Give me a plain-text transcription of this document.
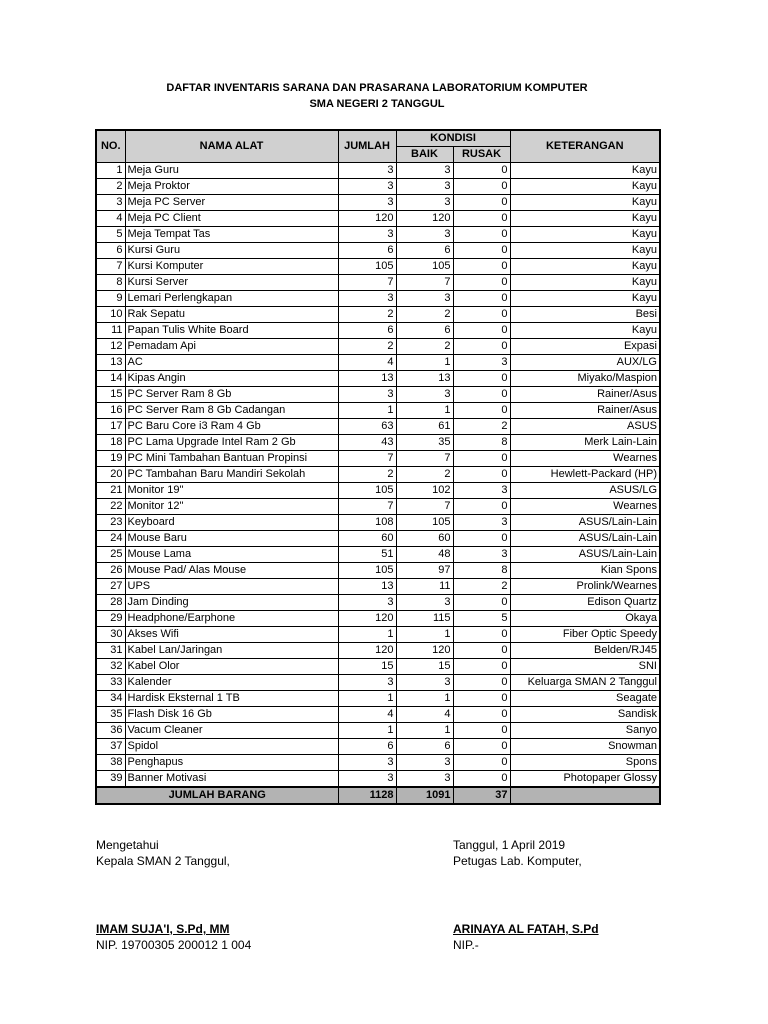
DAFTAR INVENTARIS SARANA DAN PRASARANA LABORATORIUM KOMPUTER
SMA NEGERI 2 TANGGUL
NO.	NAMA ALAT	JUMLAH	KONDISI		KETERANGAN
			BAIK	RUSAK	
1	Meja Guru	3	3	0	Kayu
2	Meja Proktor	3	3	0	Kayu
3	Meja PC Server	3	3	0	Kayu
4	Meja PC Client	120	120	0	Kayu
5	Meja Tempat Tas	3	3	0	Kayu
6	Kursi Guru	6	6	0	Kayu
7	Kursi Komputer	105	105	0	Kayu
8	Kursi Server	7	7	0	Kayu
9	Lemari Perlengkapan	3	3	0	Kayu
10	Rak Sepatu	2	2	0	Besi
11	Papan Tulis White Board	6	6	0	Kayu
12	Pemadam Api	2	2	0	Expasi
13	AC	4	1	3	AUX/LG
14	Kipas Angin	13	13	0	Miyako/Maspion
15	PC Server Ram 8 Gb	3	3	0	Rainer/Asus
16	PC Server Ram 8 Gb Cadangan	1	1	0	Rainer/Asus
17	PC Baru Core i3 Ram 4 Gb	63	61	2	ASUS
18	PC Lama Upgrade Intel Ram 2 Gb	43	35	8	Merk Lain-Lain
19	PC Mini Tambahan Bantuan Propinsi	7	7	0	Wearnes
20	PC Tambahan Baru Mandiri Sekolah	2	2	0	Hewlett-Packard (HP)
21	Monitor 19"	105	102	3	ASUS/LG
22	Monitor 12"	7	7	0	Wearnes
23	Keyboard	108	105	3	ASUS/Lain-Lain
24	Mouse Baru	60	60	0	ASUS/Lain-Lain
25	Mouse Lama	51	48	3	ASUS/Lain-Lain
26	Mouse Pad/ Alas Mouse	105	97	8	Kian Spons
27	UPS	13	11	2	Prolink/Wearnes
28	Jam Dinding	3	3	0	Edison Quartz
29	Headphone/Earphone	120	115	5	Okaya
30	Akses Wifi	1	1	0	Fiber Optic Speedy
31	Kabel Lan/Jaringan	120	120	0	Belden/RJ45
32	Kabel Olor	15	15	0	SNI
33	Kalender	3	3	0	Keluarga SMAN 2 Tanggul
34	Hardisk Eksternal 1 TB	1	1	0	Seagate
35	Flash Disk 16 Gb	4	4	0	Sandisk
36	Vacum Cleaner	1	1	0	Sanyo
37	Spidol	6	6	0	Snowman
38	Penghapus	3	3	0	Spons
39	Banner Motivasi	3	3	0	Photopaper Glossy
JUMLAH BARANG		1128	1091	37	
Mengetahui
Kepala SMAN 2 Tanggul,
Tanggul, 1 April 2019
Petugas Lab. Komputer,
IMAM SUJA'I, S.Pd, MM
NIP. 19700305 200012 1 004
ARINAYA AL FATAH, S.Pd
NIP.-
